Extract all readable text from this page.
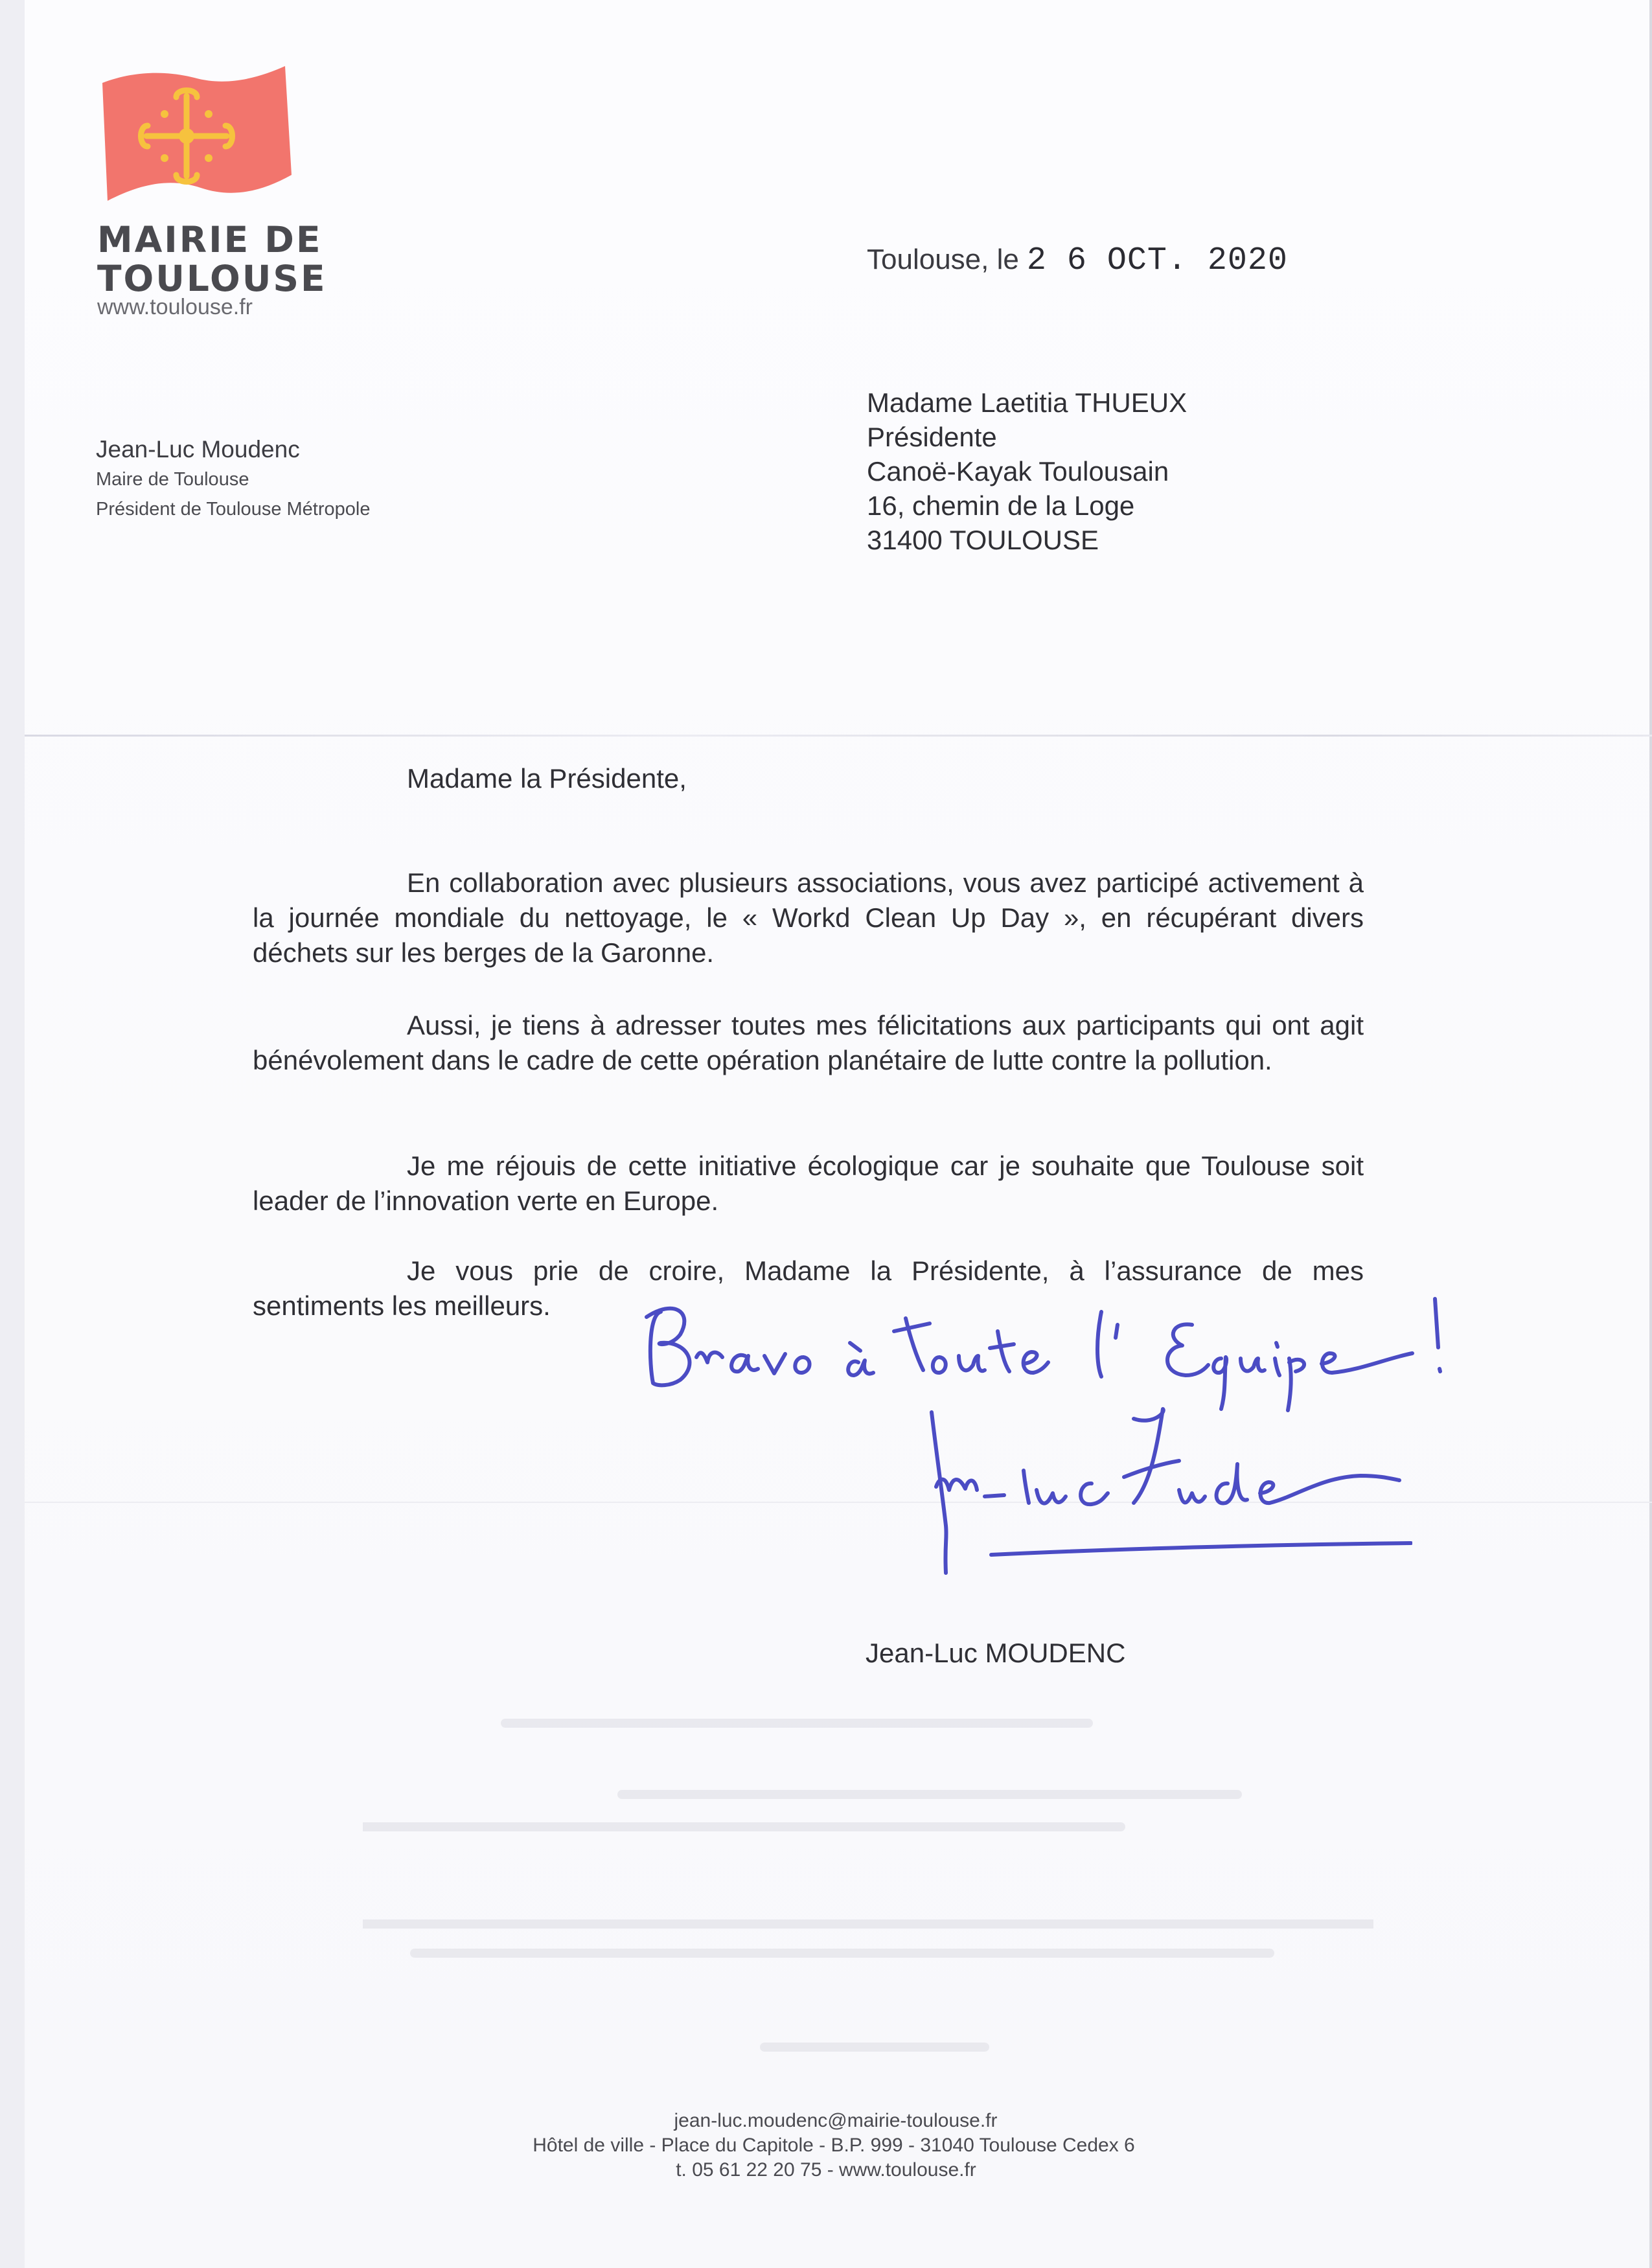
MAIRIE DE
TOULOUSE
www.toulouse.fr
Jean-Luc Moudenc
Maire de Toulouse
Président de Toulouse Métropole
Toulouse, le 2 6 OCT. 2020
Madame Laetitia THUEUX
Présidente
Canoë-Kayak Toulousain
16, chemin de la Loge
31400 TOULOUSE
Madame la Présidente,

En collaboration avec plusieurs associations, vous avez participé activement à la journée mondiale du nettoyage, le « Workd Clean Up Day », en récupérant divers déchets sur les berges de la Garonne.

Aussi, je tiens à adresser toutes mes félicitations aux participants qui ont agit bénévolement dans le cadre de cette opération planétaire de lutte contre la pollution.

Je me réjouis de cette initiative écologique car je souhaite que Toulouse soit leader de l’innovation verte en Europe.

Je vous prie de croire, Madame la Présidente, à l’assurance de mes sentiments les meilleurs.

Jean-Luc MOUDENC
jean-luc.moudenc@mairie-toulouse.fr
Hôtel de ville - Place du Capitole - B.P. 999 - 31040 Toulouse Cedex 6
t. 05 61 22 20 75 - www.toulouse.fr
